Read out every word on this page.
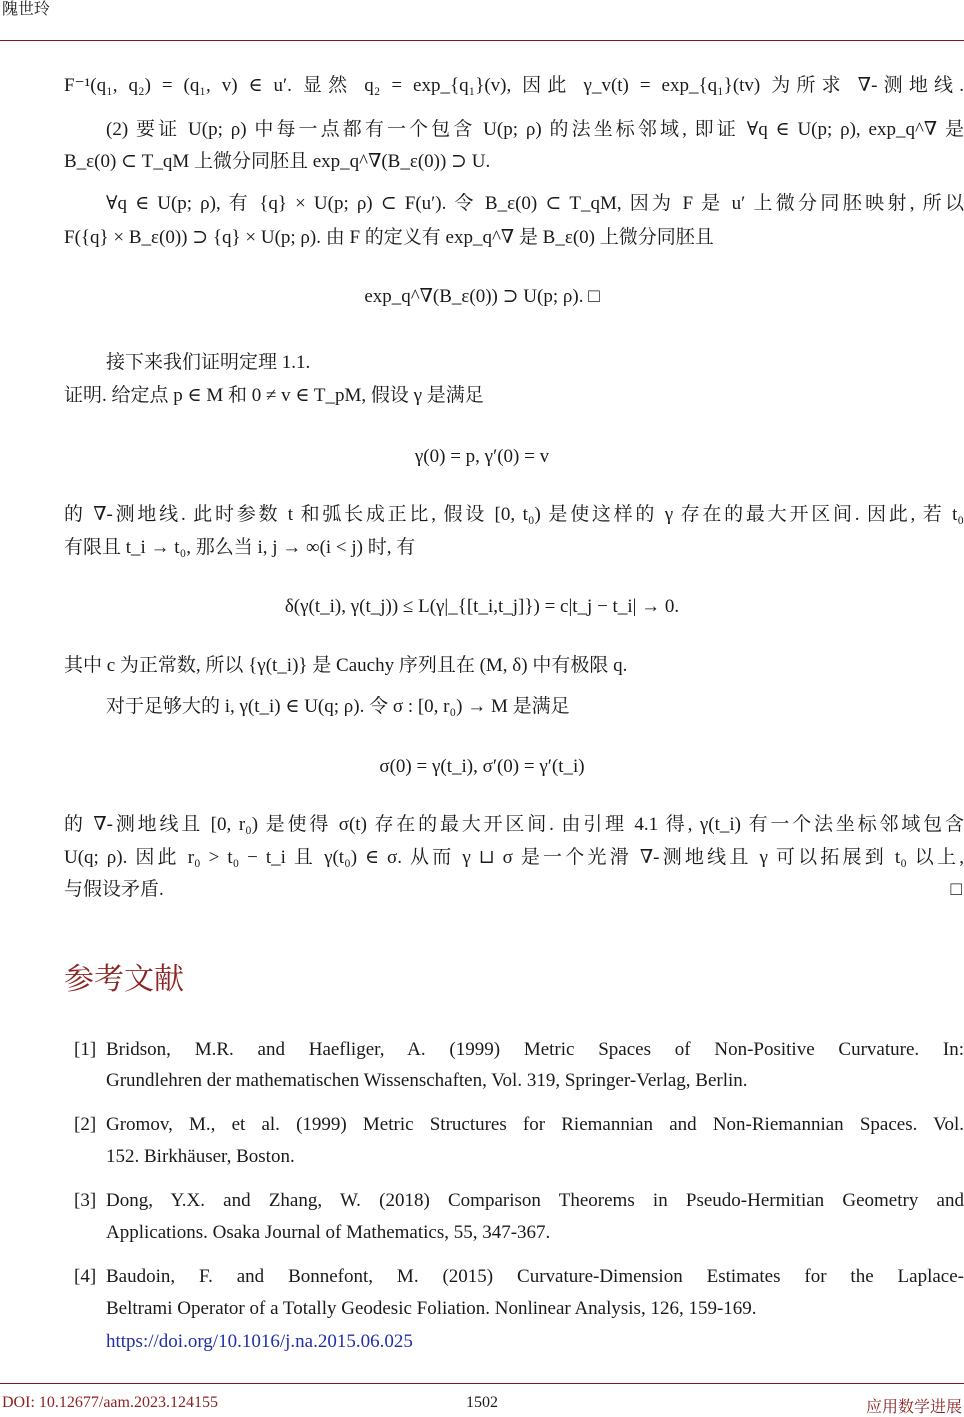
隗世玲
F⁻¹(q₁, q₂) = (q₁, v) ∈ u′. 显然 q₂ = exp_{q₁}(v), 因此 γ_v(t) = exp_{q₁}(tv) 为所求 ∇-测地线.
(2) 要证 U(p; ρ) 中每一点都有一个包含 U(p; ρ) 的法坐标邻域, 即证 ∀q ∈ U(p; ρ), exp_q^∇ 是
B_ε(0) ⊂ T_qM 上微分同胚且 exp_q^∇(B_ε(0)) ⊃ U.
∀q ∈ U(p; ρ), 有 {q} × U(p; ρ) ⊂ F(u′). 令 B_ε(0) ⊂ T_qM, 因为 F 是 u′ 上微分同胚映射, 所以
F({q} × B_ε(0)) ⊃ {q} × U(p; ρ). 由 F 的定义有 exp_q^∇ 是 B_ε(0) 上微分同胚且
exp_q^∇(B_ε(0)) ⊃ U(p; ρ). □
接下来我们证明定理 1.1.
证明. 给定点 p ∈ M 和 0 ≠ v ∈ T_pM, 假设 γ 是满足
γ(0) = p, γ′(0) = v
的 ∇-测地线. 此时参数 t 和弧长成正比, 假设 [0, t₀) 是使这样的 γ 存在的最大开区间. 因此, 若 t₀
有限且 t_i → t₀, 那么当 i, j → ∞(i < j) 时, 有
δ(γ(t_i), γ(t_j)) ≤ L(γ|_{[t_i,t_j]}) = c|t_j − t_i| → 0.
其中 c 为正常数, 所以 {γ(t_i)} 是 Cauchy 序列且在 (M, δ) 中有极限 q.
对于足够大的 i, γ(t_i) ∈ U(q; ρ). 令 σ : [0, r₀) → M 是满足
σ(0) = γ(t_i), σ′(0) = γ′(t_i)
的 ∇-测地线且 [0, r₀) 是使得 σ(t) 存在的最大开区间. 由引理 4.1 得, γ(t_i) 有一个法坐标邻域包含
U(q; ρ). 因此 r₀ > t₀ − t_i 且 γ(t₀) ∈ σ. 从而 γ ⊔ σ 是一个光滑 ∇-测地线且 γ 可以拓展到 t₀ 以上,
与假设矛盾.	□
参考文献
[1] Bridson, M.R. and Haefliger, A. (1999) Metric Spaces of Non-Positive Curvature. In:
Grundlehren der mathematischen Wissenschaften, Vol. 319, Springer-Verlag, Berlin.
[2] Gromov, M., et al. (1999) Metric Structures for Riemannian and Non-Riemannian Spaces. Vol.
152. Birkhäuser, Boston.
[3] Dong, Y.X. and Zhang, W. (2018) Comparison Theorems in Pseudo-Hermitian Geometry and
Applications. Osaka Journal of Mathematics, 55, 347-367.
[4] Baudoin, F. and Bonnefont, M. (2015) Curvature-Dimension Estimates for the Laplace-
Beltrami Operator of a Totally Geodesic Foliation. Nonlinear Analysis, 126, 159-169.
https://doi.org/10.1016/j.na.2015.06.025
DOI: 10.12677/aam.2023.124155	1502	应用数学进展
